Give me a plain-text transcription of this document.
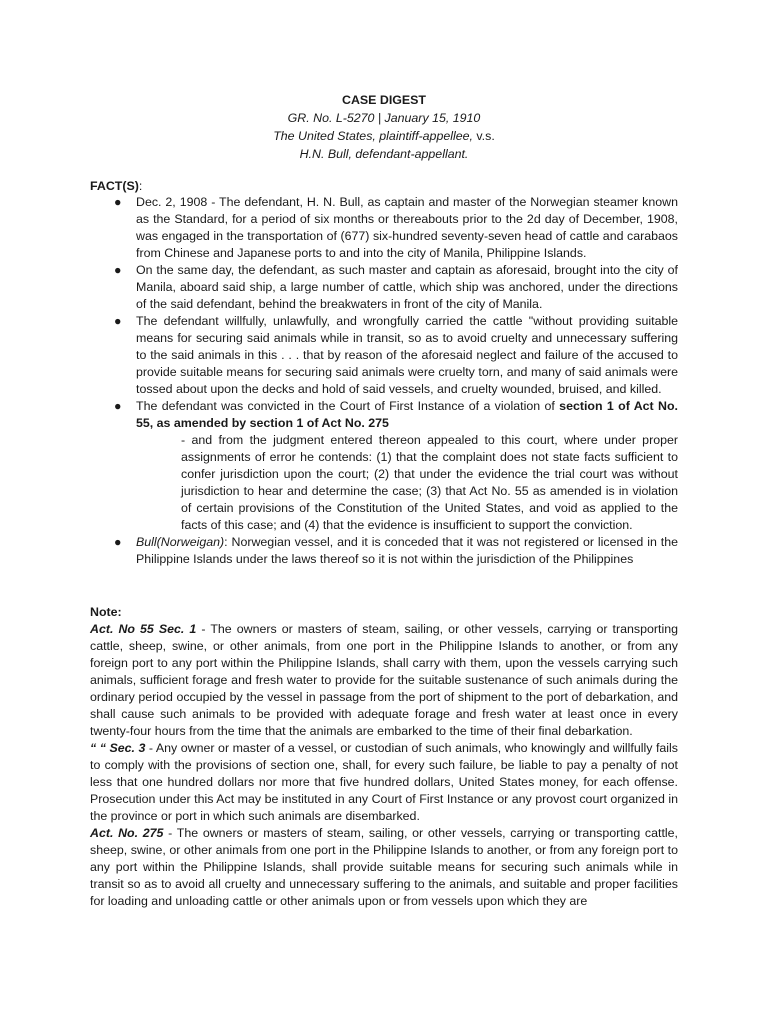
CASE DIGEST
GR. No. L-5270 | January 15, 1910
The United States, plaintiff-appellee, v.s.
H.N. Bull, defendant-appellant.
FACT(S):
● Dec. 2, 1908 - The defendant, H. N. Bull, as captain and master of the Norwegian steamer known as the Standard, for a period of six months or thereabouts prior to the 2d day of December, 1908, was engaged in the transportation of (677) six-hundred seventy-seven head of cattle and carabaos from Chinese and Japanese ports to and into the city of Manila, Philippine Islands.
● On the same day, the defendant, as such master and captain as aforesaid, brought into the city of Manila, aboard said ship, a large number of cattle, which ship was anchored, under the directions of the said defendant, behind the breakwaters in front of the city of Manila.
● The defendant willfully, unlawfully, and wrongfully carried the cattle "without providing suitable means for securing said animals while in transit, so as to avoid cruelty and unnecessary suffering to the said animals in this . . . that by reason of the aforesaid neglect and failure of the accused to provide suitable means for securing said animals were cruelty torn, and many of said animals were tossed about upon the decks and hold of said vessels, and cruelty wounded, bruised, and killed.
● The defendant was convicted in the Court of First Instance of a violation of section 1 of Act No. 55, as amended by section 1 of Act No. 275
- and from the judgment entered thereon appealed to this court, where under proper assignments of error he contends: (1) that the complaint does not state facts sufficient to confer jurisdiction upon the court; (2) that under the evidence the trial court was without jurisdiction to hear and determine the case; (3) that Act No. 55 as amended is in violation of certain provisions of the Constitution of the United States, and void as applied to the facts of this case; and (4) that the evidence is insufficient to support the conviction.
● Bull(Norweigan): Norwegian vessel, and it is conceded that it was not registered or licensed in the Philippine Islands under the laws thereof so it is not within the jurisdiction of the Philippines

Note:

Act. No 55 Sec. 1 - The owners or masters of steam, sailing, or other vessels, carrying or transporting cattle, sheep, swine, or other animals, from one port in the Philippine Islands to another, or from any foreign port to any port within the Philippine Islands, shall carry with them, upon the vessels carrying such animals, sufficient forage and fresh water to provide for the suitable sustenance of such animals during the ordinary period occupied by the vessel in passage from the port of shipment to the port of debarkation, and shall cause such animals to be provided with adequate forage and fresh water at least once in every twenty-four hours from the time that the animals are embarked to the time of their final debarkation.

“ “ Sec. 3 - Any owner or master of a vessel, or custodian of such animals, who knowingly and willfully fails to comply with the provisions of section one, shall, for every such failure, be liable to pay a penalty of not less that one hundred dollars nor more that five hundred dollars, United States money, for each offense. Prosecution under this Act may be instituted in any Court of First Instance or any provost court organized in the province or port in which such animals are disembarked.

Act. No. 275 - The owners or masters of steam, sailing, or other vessels, carrying or transporting cattle, sheep, swine, or other animals from one port in the Philippine Islands to another, or from any foreign port to any port within the Philippine Islands, shall provide suitable means for securing such animals while in transit so as to avoid all cruelty and unnecessary suffering to the animals, and suitable and proper facilities for loading and unloading cattle or other animals upon or from vessels upon which they are
